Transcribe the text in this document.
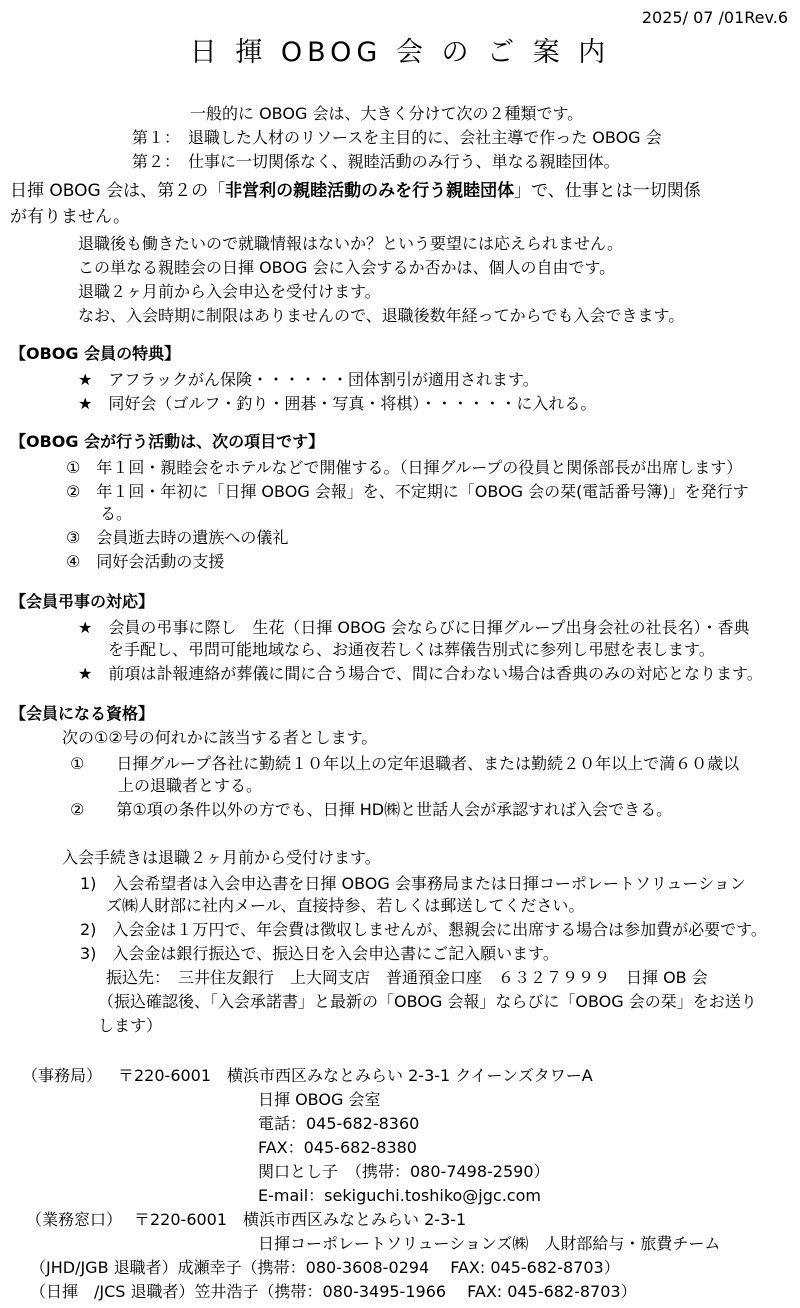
2025/ 07 /01Rev.6
日 揮 OBOG 会 の ご 案 内
一般的に OBOG 会は、大きく分けて次の２種類です。
第１：　退職した人材のリソースを主目的に、会社主導で作った OBOG 会
第２：　仕事に一切関係なく、親睦活動のみ行う、単なる親睦団体。
日揮 OBOG 会は、第２の「非営利の親睦活動のみを行う親睦団体」で、仕事とは一切関係
が有りません。
退職後も働きたいので就職情報はないか？という要望には応えられません。
この単なる親睦会の日揮 OBOG 会に入会するか否かは、個人の自由です。
退職２ヶ月前から入会申込を受付けます。
なお、入会時期に制限はありませんので、退職後数年経ってからでも入会できます。
【OBOG 会員の特典】
★　アフラックがん保険・・・・・・団体割引が適用されます。
★　同好会（ゴルフ・釣り・囲碁・写真・将棋）・・・・・・に入れる。
【OBOG 会が行う活動は、次の項目です】
①　年１回・親睦会をホテルなどで開催する。（日揮グループの役員と関係部長が出席します）
②　年１回・年初に「日揮 OBOG 会報」を、不定期に「OBOG 会の栞(電話番号簿)」を発行す
る。
③　会員逝去時の遺族への儀礼
④　同好会活動の支援
【会員弔事の対応】
★　会員の弔事に際し　生花（日揮 OBOG 会ならびに日揮グループ出身会社の社長名）・香典
を手配し、弔問可能地域なら、お通夜若しくは葬儀告別式に参列し弔慰を表します。
★　前項は訃報連絡が葬儀に間に合う場合で、間に合わない場合は香典のみの対応となります。
【会員になる資格】
次の①②号の何れかに該当する者とします。
①　　日揮グループ各社に勤続１０年以上の定年退職者、または勤続２０年以上で満６０歳以
上の退職者とする。
②　　第①項の条件以外の方でも、日揮 HD㈱と世話人会が承認すれば入会できる。
入会手続きは退職２ヶ月前から受付けます。
1)　入会希望者は入会申込書を日揮 OBOG 会事務局または日揮コーポレートソリューション
ズ㈱人財部に社内メール、直接持参、若しくは郵送してください。
2)　入会金は１万円で、年会費は徴収しませんが、懇親会に出席する場合は参加費が必要です。
3)　入会金は銀行振込で、振込日を入会申込書にご記入願います。
振込先：　三井住友銀行　上大岡支店　普通預金口座　６３２７９９９　日揮 OB 会
（振込確認後、「入会承諾書」と最新の「OBOG 会報」ならびに「OBOG 会の栞」をお送り
します）
（事務局） 〒220-6001　横浜市西区みなとみらい 2-3-1 クイーンズタワーA
日揮 OBOG 会室
電話：045-682-8360
FAX：045-682-8380
関口とし子　（携帯：080-7498-2590）
E-mail：sekiguchi.toshiko@jgc.com
（業務窓口） 〒220-6001　横浜市西区みなとみらい 2-3-1
日揮コーポレートソリューションズ㈱　人財部給与・旅費チーム
（JHD/JGB 退職者）成瀬幸子（携帯：080-3608-0294　 FAX: 045-682-8703）
（日揮　/JCS 退職者）笠井浩子（携帯：080-3495-1966　 FAX: 045-682-8703）
